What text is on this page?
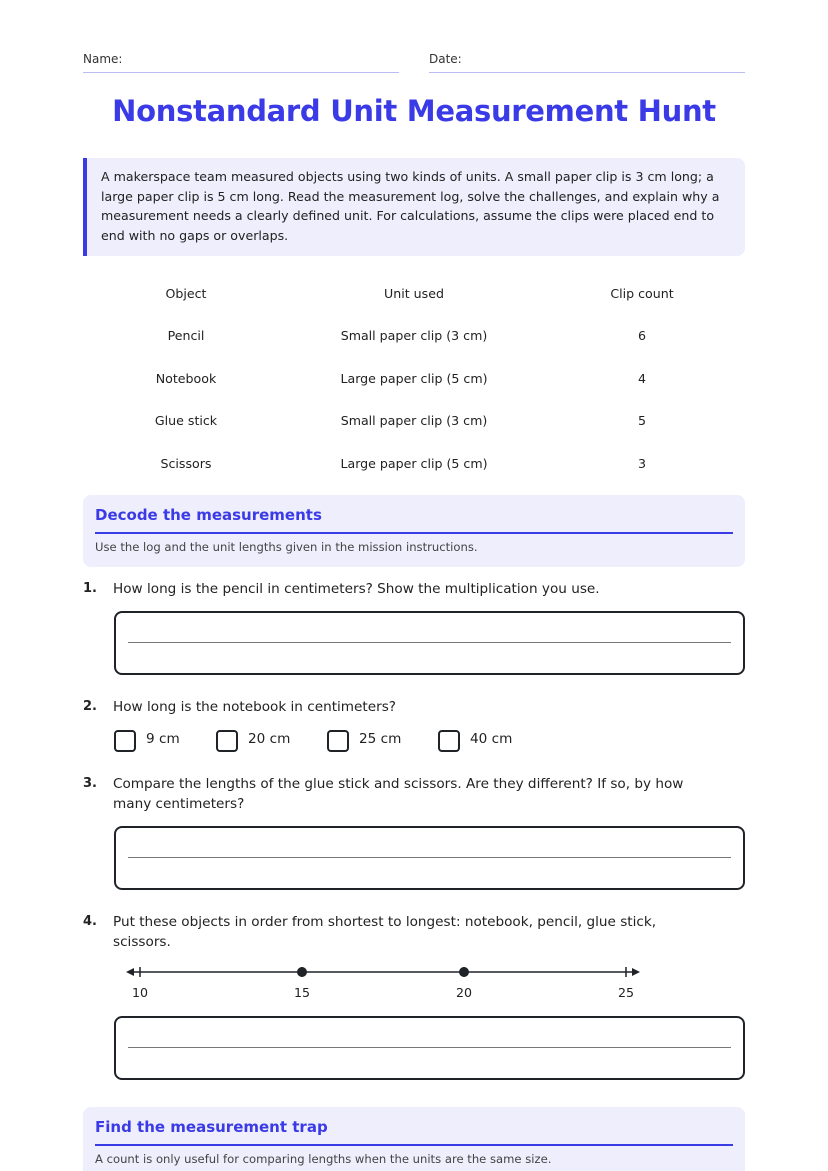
Name:	Date:
Nonstandard Unit Measurement Hunt
A makerspace team measured objects using two kinds of units. A small paper clip is 3 cm long; a large paper clip is 5 cm long. Read the measurement log, solve the challenges, and explain why a measurement needs a clearly defined unit. For calculations, assume the clips were placed end to end with no gaps or overlaps.
Object	Unit used	Clip count
Pencil	Small paper clip (3 cm)	6
Notebook	Large paper clip (5 cm)	4
Glue stick	Small paper clip (3 cm)	5
Scissors	Large paper clip (5 cm)	3
Decode the measurements
Use the log and the unit lengths given in the mission instructions.
1. How long is the pencil in centimeters? Show the multiplication you use.
2. How long is the notebook in centimeters?
9 cm	20 cm	25 cm	40 cm
3. Compare the lengths of the glue stick and scissors. Are they different? If so, by how many centimeters?
4. Put these objects in order from shortest to longest: notebook, pencil, glue stick, scissors.
10	15	20	25
Find the measurement trap
A count is only useful for comparing lengths when the units are the same size.
